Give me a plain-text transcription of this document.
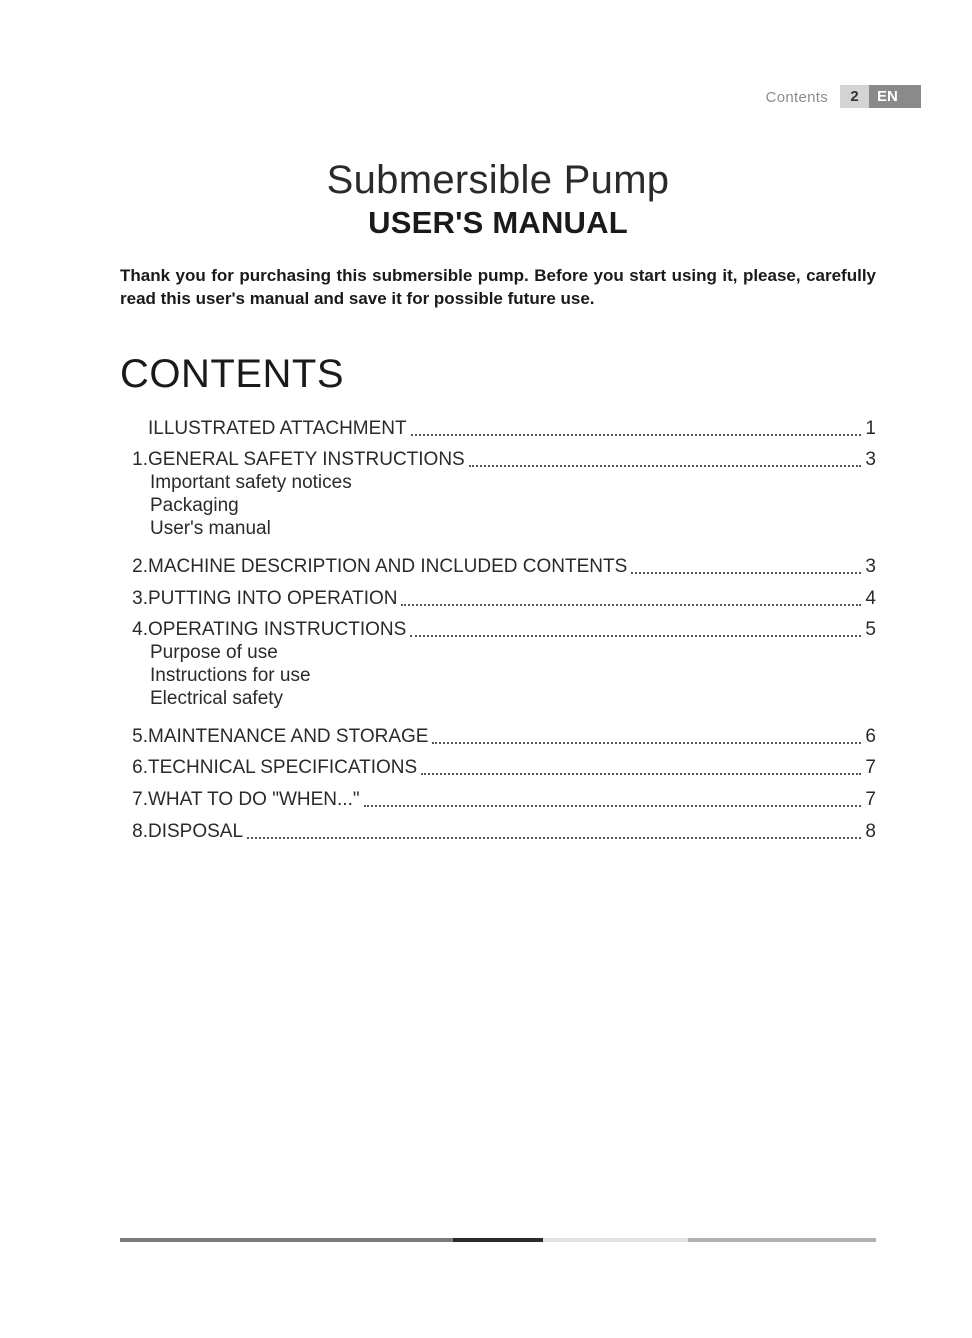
Contents	2	EN
Submersible Pump
USER'S MANUAL
Thank you for purchasing this submersible pump. Before you start using it, please, carefully read this user's manual and save it for possible future use.
CONTENTS
ILLUSTRATED ATTACHMENT	1
1. GENERAL SAFETY INSTRUCTIONS	3
Important safety notices
Packaging
User's manual
2. MACHINE DESCRIPTION AND INCLUDED CONTENTS	3
3. PUTTING INTO OPERATION	4
4. OPERATING INSTRUCTIONS	5
Purpose of use
Instructions for use
Electrical safety
5. MAINTENANCE AND STORAGE	6
6. TECHNICAL SPECIFICATIONS	7
7. WHAT TO DO "WHEN..."	7
8. DISPOSAL	8
